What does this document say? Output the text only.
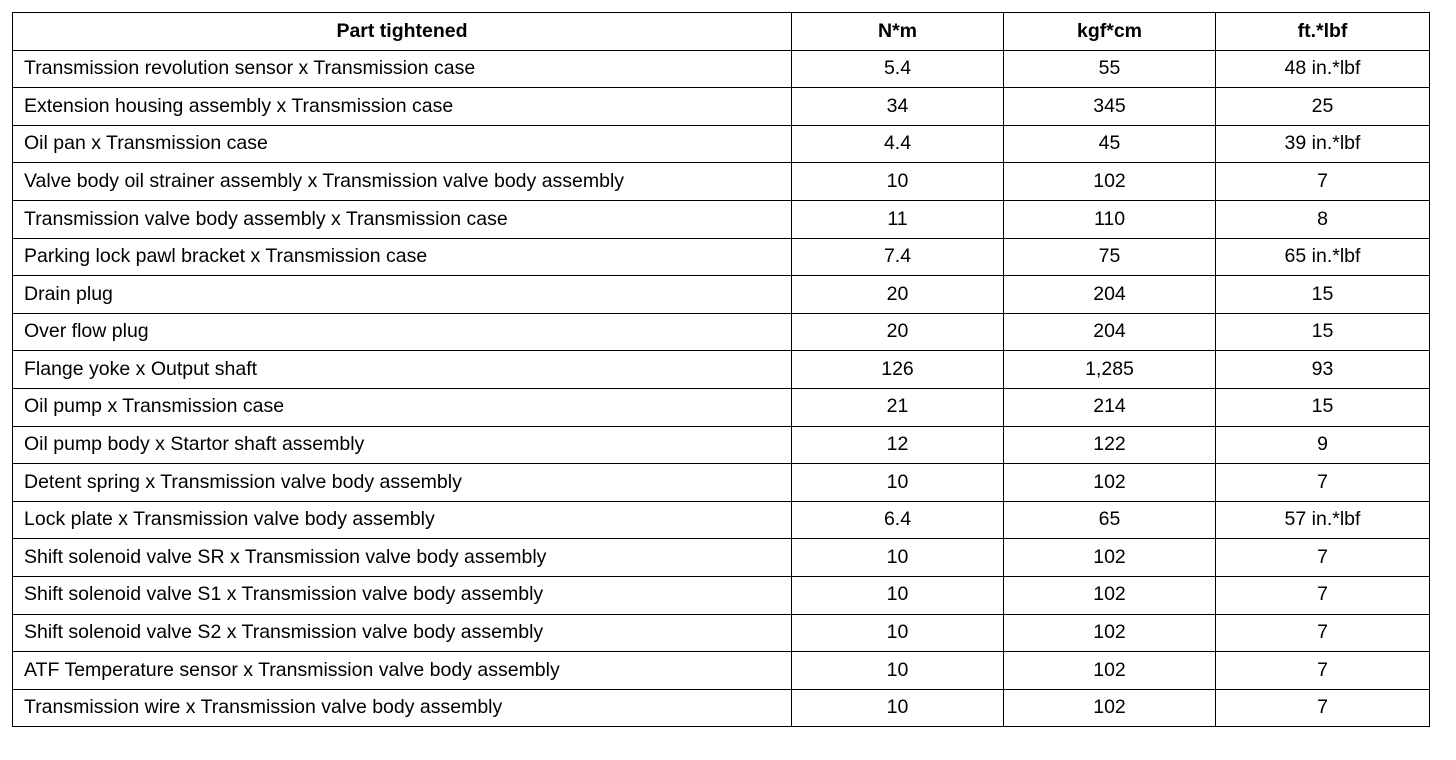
Part tightened	N*m	kgf*cm	ft.*lbf
Transmission revolution sensor x Transmission case	5.4	55	48 in.*lbf
Extension housing assembly x Transmission case	34	345	25
Oil pan x Transmission case	4.4	45	39 in.*lbf
Valve body oil strainer assembly x Transmission valve body assembly	10	102	7
Transmission valve body assembly x Transmission case	11	110	8
Parking lock pawl bracket x Transmission case	7.4	75	65 in.*lbf
Drain plug	20	204	15
Over flow plug	20	204	15
Flange yoke x Output shaft	126	1,285	93
Oil pump x Transmission case	21	214	15
Oil pump body x Startor shaft assembly	12	122	9
Detent spring x Transmission valve body assembly	10	102	7
Lock plate x Transmission valve body assembly	6.4	65	57 in.*lbf
Shift solenoid valve SR x Transmission valve body assembly	10	102	7
Shift solenoid valve S1 x Transmission valve body assembly	10	102	7
Shift solenoid valve S2 x Transmission valve body assembly	10	102	7
ATF Temperature sensor x Transmission valve body assembly	10	102	7
Transmission wire x Transmission valve body assembly	10	102	7
